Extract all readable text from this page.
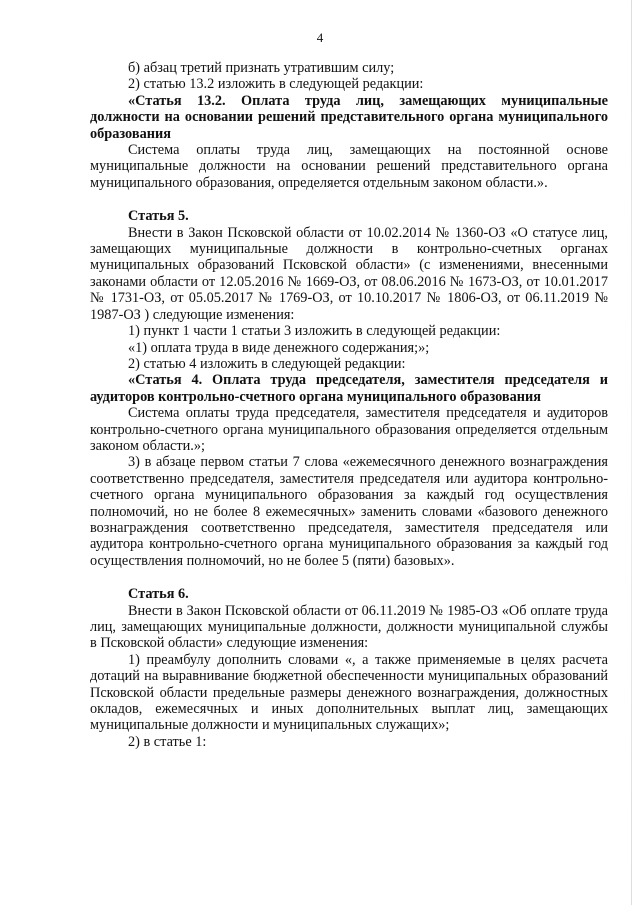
4

б) абзац третий признать утратившим силу;

2) статью 13.2 изложить в следующей редакции:

«Статья 13.2. Оплата труда лиц, замещающих муниципальные должности на основании решений представительного органа муниципального образования

Система оплаты труда лиц, замещающих на постоянной основе муниципальные должности на основании решений представительного органа муниципального образования, определяется отдельным законом области.».

Статья 5.

Внести в Закон Псковской области от 10.02.2014 № 1360-ОЗ «О статусе лиц, замещающих муниципальные должности в контрольно-счетных органах муниципальных образований Псковской области» (с изменениями, внесенными законами области от 12.05.2016 № 1669-ОЗ, от 08.06.2016 № 1673-ОЗ, от 10.01.2017 № 1731-ОЗ, от 05.05.2017 № 1769-ОЗ, от 10.10.2017 № 1806-ОЗ, от 06.11.2019 № 1987-ОЗ ) следующие изменения:

1) пункт 1 части 1 статьи 3 изложить в следующей редакции:

«1) оплата труда в виде денежного содержания;»;

2) статью 4 изложить в следующей редакции:

«Статья 4. Оплата труда председателя, заместителя председателя и аудиторов контрольно-счетного органа муниципального образования

Система оплаты труда председателя, заместителя председателя и аудиторов контрольно-счетного органа муниципального образования определяется отдельным законом области.»;

3) в абзаце первом статьи 7 слова «ежемесячного денежного вознаграждения соответственно председателя, заместителя председателя или аудитора контрольно-счетного органа муниципального образования за каждый год осуществления полномочий, но не более 8 ежемесячных» заменить словами «базового денежного вознаграждения соответственно председателя, заместителя председателя или аудитора контрольно-счетного органа муниципального образования за каждый год осуществления полномочий, но не более 5 (пяти) базовых».

Статья 6.

Внести в Закон Псковской области от 06.11.2019 № 1985-ОЗ «Об оплате труда лиц, замещающих муниципальные должности, должности муниципальной службы в Псковской области» следующие изменения:

1) преамбулу дополнить словами «, а также применяемые в целях расчета дотаций на выравнивание бюджетной обеспеченности муниципальных образований Псковской области предельные размеры денежного вознаграждения, должностных окладов, ежемесячных и иных дополнительных выплат лиц, замещающих муниципальные должности и муниципальных служащих»;

2) в статье 1:
